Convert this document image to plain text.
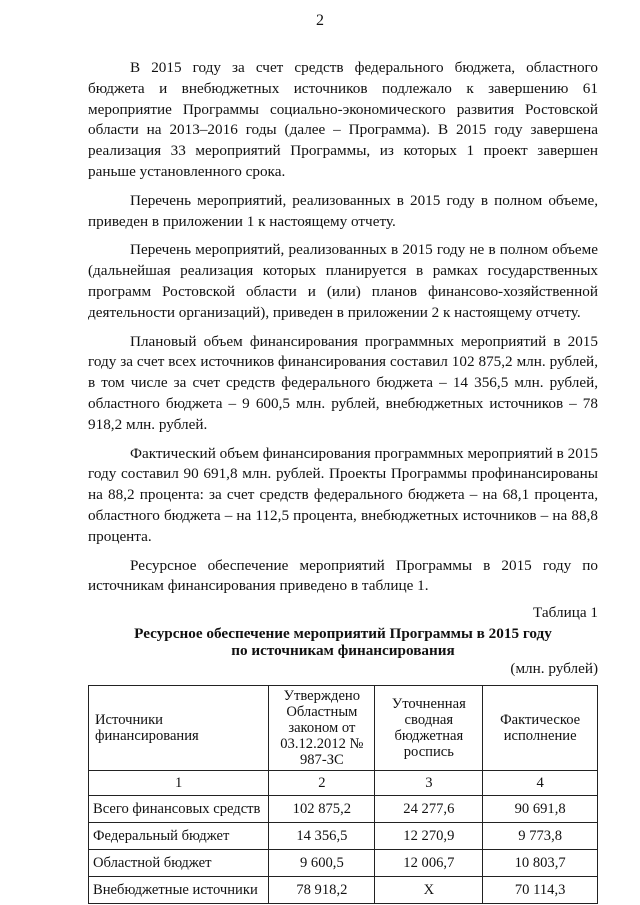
2

В 2015 году за счет средств федерального бюджета, областного бюджета и внебюджетных источников подлежало к завершению 61 мероприятие Программы социально-экономического развития Ростовской области на 2013–2016 годы (далее – Программа). В 2015 году завершена реализация 33 мероприятий Программы, из которых 1 проект завершен раньше установленного срока.

Перечень мероприятий, реализованных в 2015 году в полном объеме, приведен в приложении 1 к настоящему отчету.

Перечень мероприятий, реализованных в 2015 году не в полном объеме (дальнейшая реализация которых планируется в рамках государственных программ Ростовской области и (или) планов финансово-хозяйственной деятельности организаций), приведен в приложении 2 к настоящему отчету.

Плановый объем финансирования программных мероприятий в 2015 году за счет всех источников финансирования составил 102 875,2 млн. рублей, в том числе за счет средств федерального бюджета – 14 356,5 млн. рублей, областного бюджета – 9 600,5 млн. рублей, внебюджетных источников – 78 918,2 млн. рублей.

Фактический объем финансирования программных мероприятий в 2015 году составил 90 691,8 млн. рублей. Проекты Программы профинансированы на 88,2 процента: за счет средств федерального бюджета – на 68,1 процента, областного бюджета – на 112,5 процента, внебюджетных источников – на 88,8 процента.

Ресурсное обеспечение мероприятий Программы в 2015 году по источникам финансирования приведено в таблице 1.

Таблица 1
Ресурсное обеспечение мероприятий Программы в 2015 году
по источникам финансирования
(млн. рублей)
Источники финансирования	Утверждено Областным законом от 03.12.2012 № 987-ЗС	Уточненная сводная бюджетная роспись	Фактическое исполнение
1	2	3	4
Всего финансовых средств	102 875,2	24 277,6	90 691,8
Федеральный бюджет	14 356,5	12 270,9	9 773,8
Областной бюджет	9 600,5	12 006,7	10 803,7
Внебюджетные источники	78 918,2	Х	70 114,3
